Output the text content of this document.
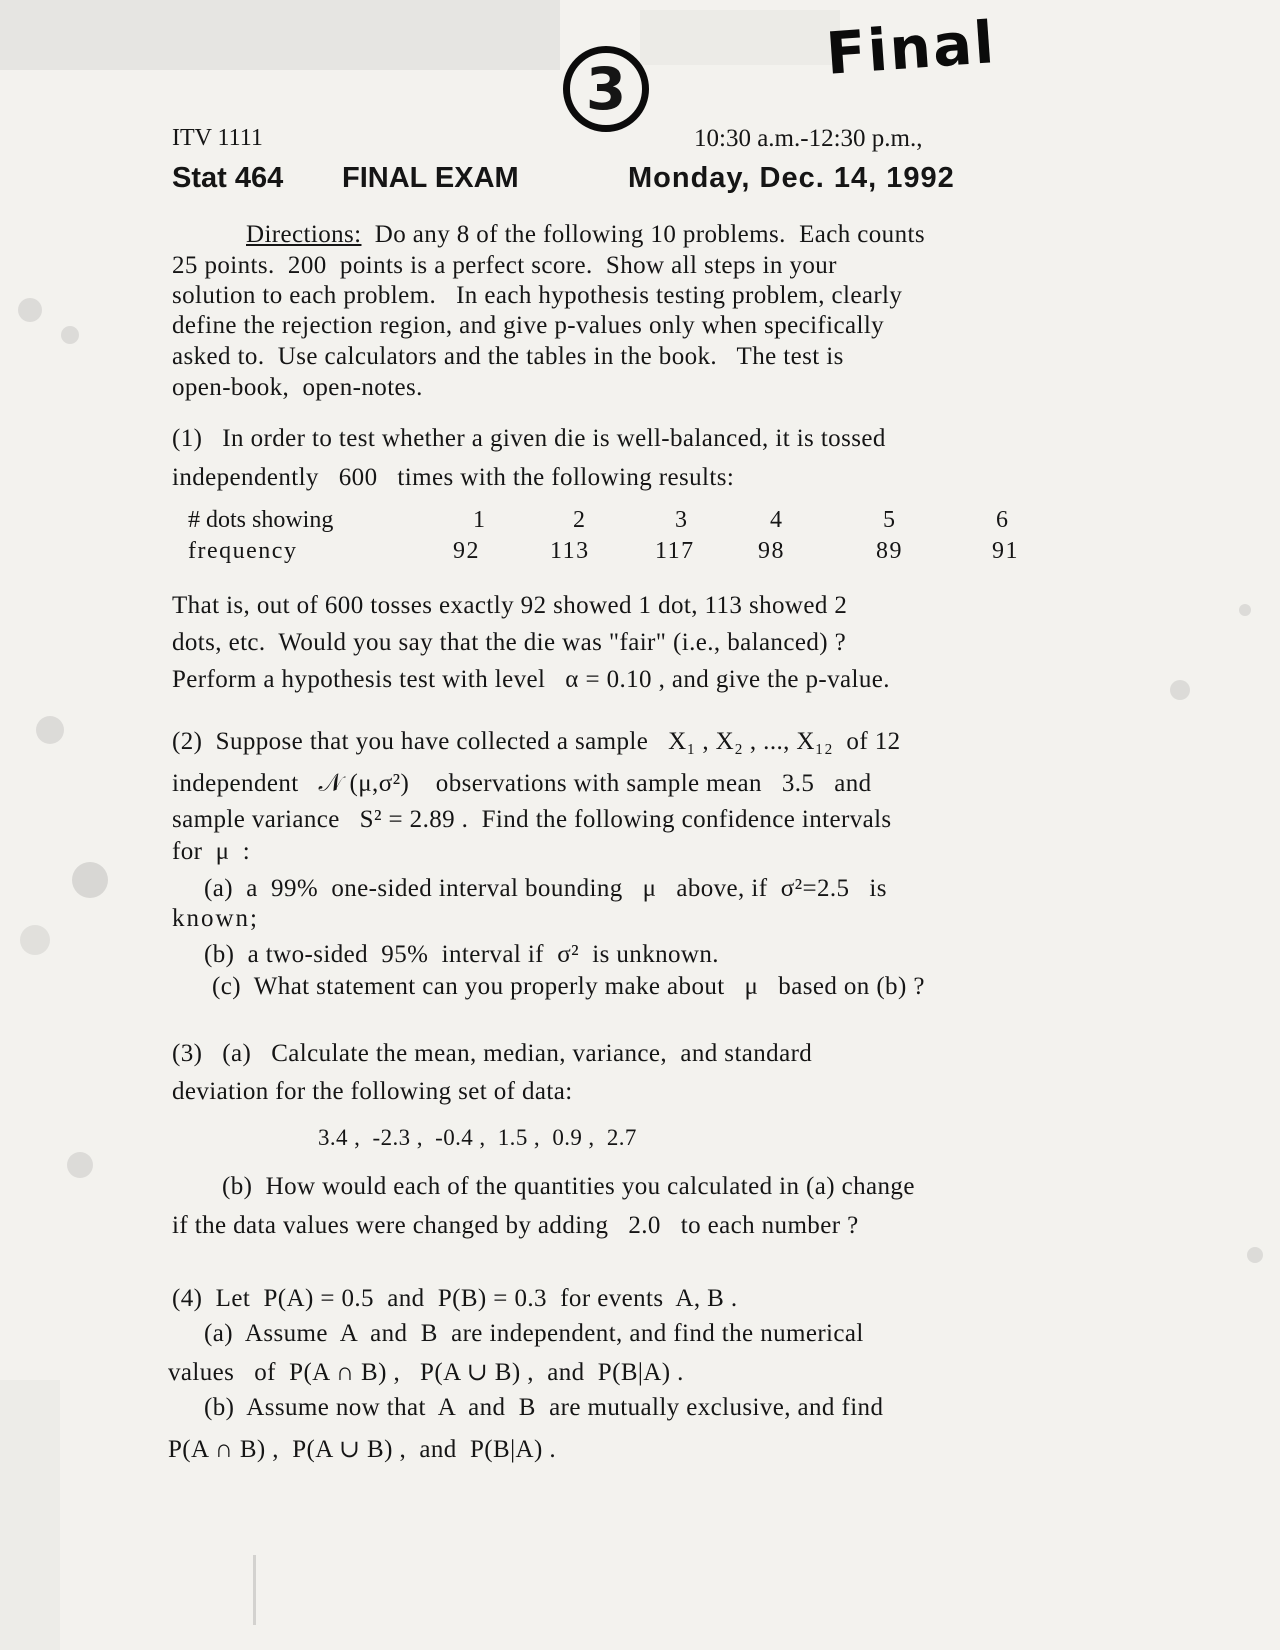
3
Final
ITV 1111	10:30 a.m.-12:30 p.m.,
Stat 464 FINAL EXAM	Monday, Dec. 14, 1992
Directions: Do any 8 of the following 10 problems.  Each counts
25 points.  200  points is a perfect score.  Show all steps in your
solution to each problem.   In each hypothesis testing problem, clearly
define the rejection region, and give p-values only when specifically
asked to.  Use calculators and the tables in the book.   The test is
open-book,  open-notes.
(1)   In order to test whether a given die is well-balanced, it is tossed
independently   600   times with the following results:
# dots showing	1	2	3	4	5	6
frequency	92	113	117	98	89	91
That is, out of 600 tosses exactly 92 showed 1 dot, 113 showed 2
dots, etc.  Would you say that the die was "fair" (i.e., balanced) ?
Perform a hypothesis test with level   α = 0.10 , and give the p-value.
(2)  Suppose that you have collected a sample   X₁ , X₂ , ..., X₁₂  of 12
independent   𝒩 (μ,σ²)    observations with sample mean   3.5   and
sample variance   S² = 2.89 .  Find the following confidence intervals
for  μ  :
(a)  a  99%  one-sided interval bounding   μ   above, if  σ²=2.5   is
known;
(b)  a two-sided  95%  interval if  σ²  is unknown.
(c)  What statement can you properly make about   μ   based on (b) ?
(3)   (a)   Calculate the mean, median, variance,  and standard
deviation for the following set of data:
3.4 ,  -2.3 ,  -0.4 ,  1.5 ,  0.9 ,  2.7
(b)  How would each of the quantities you calculated in (a) change
if the data values were changed by adding   2.0   to each number ?
(4)  Let  P(A) = 0.5  and  P(B) = 0.3  for events  A, B .
(a)  Assume  A  and  B  are independent, and find the numerical
values   of  P(A ∩ B) ,   P(A ∪ B) ,  and  P(B|A) .
(b)  Assume now that  A  and  B  are mutually exclusive, and find
P(A ∩ B) ,  P(A ∪ B) ,  and  P(B|A) .
